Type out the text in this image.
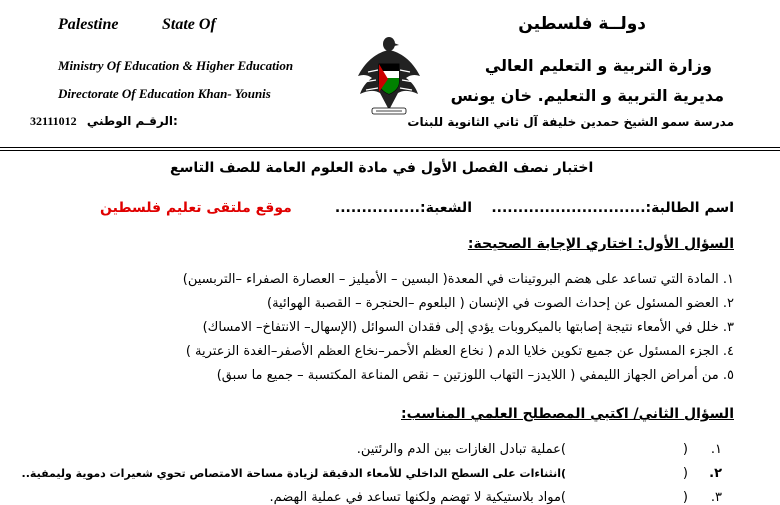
Palestine	State Of
Ministry Of Education & Higher Education
Directorate Of Education Khan- Younis
32111012 الرقـم الوطني:
دولــة فلسطين
وزارة التربية و التعليم العالي
مديرية التربية و التعليم. خان يونس
مدرسة سمو الشيخ حمدين خليفة آل ثاني الثانوية للبنات
اختبار نصف الفصل الأول في مادة العلوم العامة للصف التاسع
اسم الطالبة:.............................
الشعبة:................
موقع ملتقى تعليم فلسطين
السؤال الأول: اختاري الإجابة الصحيحة:
١. المادة التي تساعد على هضم البروتينات في المعدة( البسين – الأميليز – العصارة الصفراء –التربسين)
٢. العضو المسئول عن إحداث الصوت في الإنسان ( البلعوم –الحنجرة – القصبة الهوائية)
٣. خلل في الأمعاء نتيجة إصابتها بالميكروبات يؤدي إلى فقدان السوائل (الإسهال– الانتفاخ– الامساك)
٤. الجزء المسئول عن جميع تكوين خلايا الدم ( نخاع العظم الأحمر–نخاع العظم الأصفر–الغدة الزعترية )
٥. من أمراض الجهاز الليمفي ( اللايدز– التهاب اللوزتين – نقص المناعة المكتسبة – جميع ما سبق)
السؤال الثاني/ اكتبي المصطلح العلمي المناسب:
١.
(
)عملية تبادل الغازات بين الدم والرئتين.
٢.
(
)انثناءات على السطح الداخلي للأمعاء الدقيقة لزيادة مساحة الامتصاص تحوي شعيرات دموية وليمفية..
٣.
(
)مواد بلاستيكية لا تهضم ولكنها تساعد في عملية الهضم.
